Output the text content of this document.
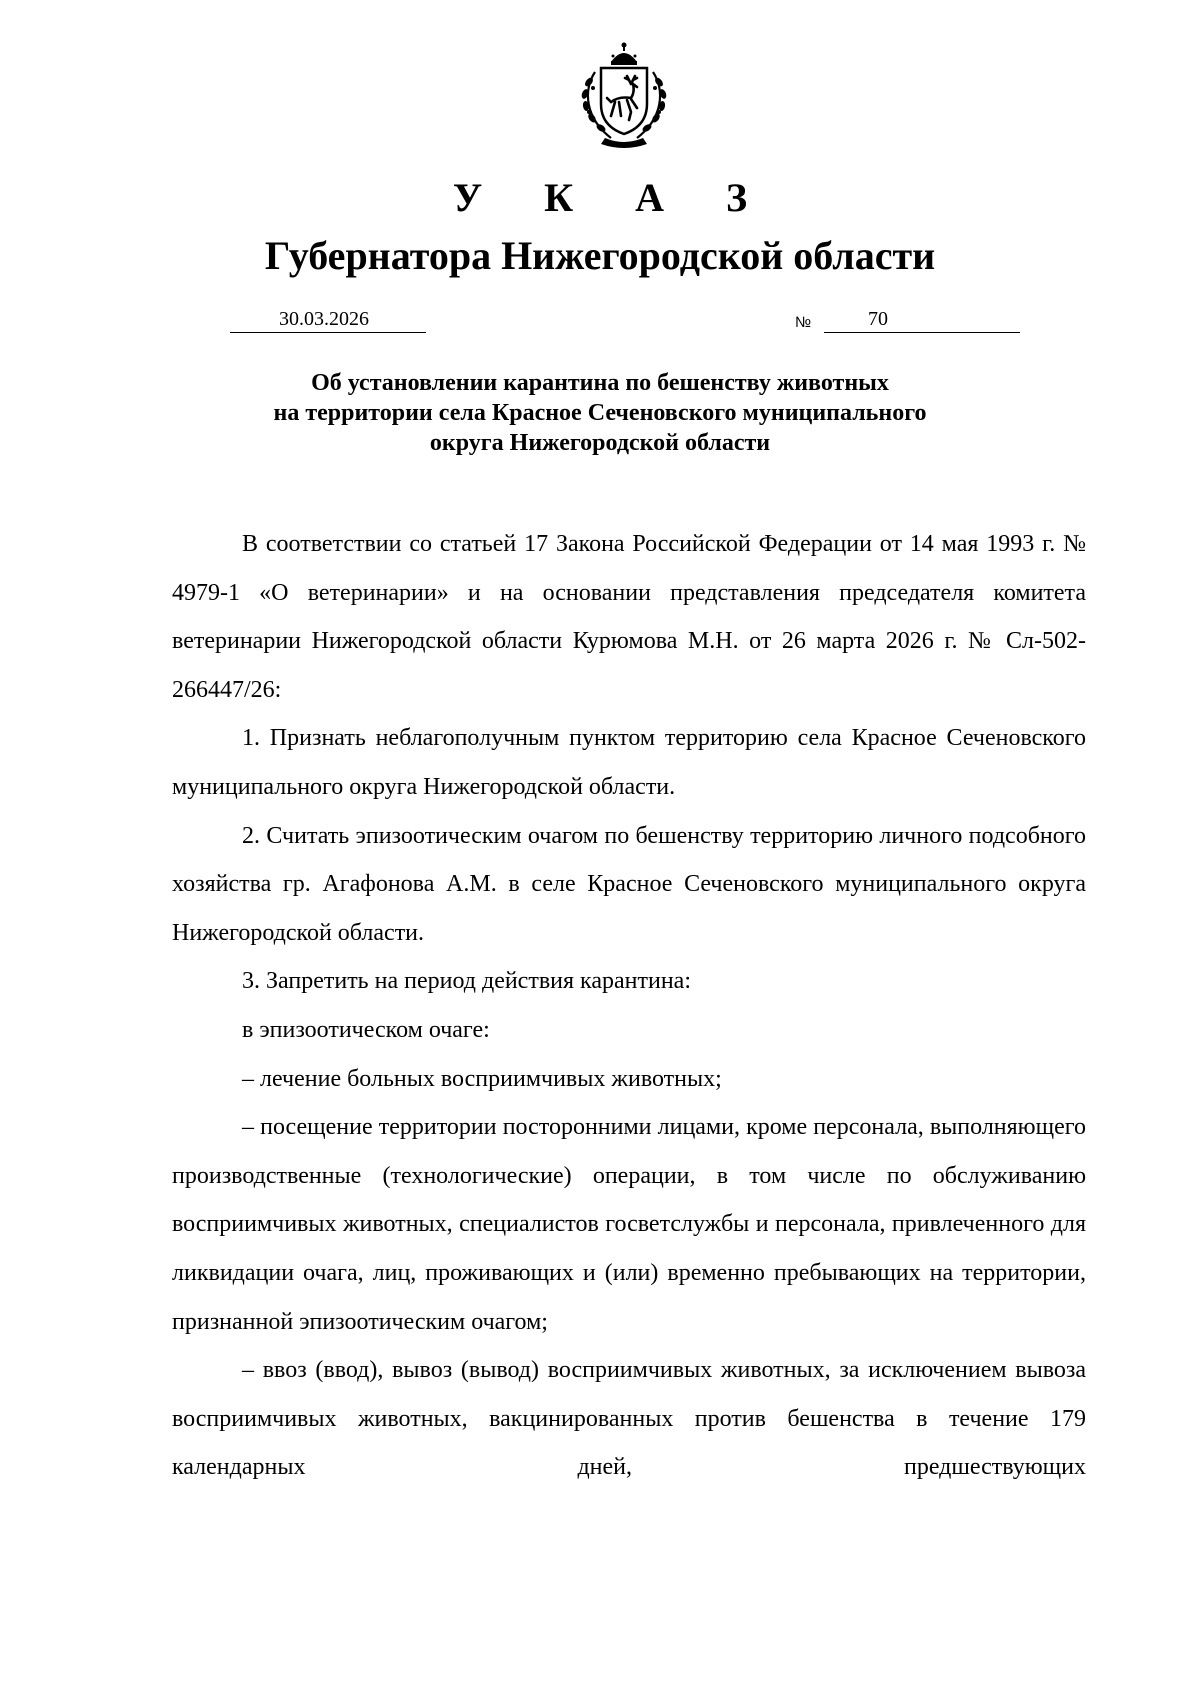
У К А З
Губернатора Нижегородской области
30.03.2026	№	70
Об установлении карантина по бешенству животных
на территории села Красное Сеченовского муниципального
округа Нижегородской области

В соответствии со статьей 17 Закона Российской Федерации от 14 мая 1993 г. № 4979-1 «О ветеринарии» и на основании представления председателя комитета ветеринарии Нижегородской области Курюмова М.Н. от 26 марта 2026 г. № Сл-502-266447/26:

1. Признать неблагополучным пунктом территорию села Красное Сеченовского муниципального округа Нижегородской области.

2. Считать эпизоотическим очагом по бешенству территорию личного подсобного хозяйства гр. Агафонова А.М. в селе Красное Сеченовского муниципального округа Нижегородской области.

3. Запретить на период действия карантина:

в эпизоотическом очаге:

– лечение больных восприимчивых животных;

– посещение территории посторонними лицами, кроме персонала, выполняющего производственные (технологические) операции, в том числе по обслуживанию восприимчивых животных, специалистов госветслужбы и персонала, привлеченного для ликвидации очага, лиц, проживающих и (или) временно пребывающих на территории, признанной эпизоотическим очагом;

– ввоз (ввод), вывоз (вывод) восприимчивых животных, за исключением вывоза восприимчивых животных, вакцинированных против бешенства в течение 179 календарных дней, предшествующих
